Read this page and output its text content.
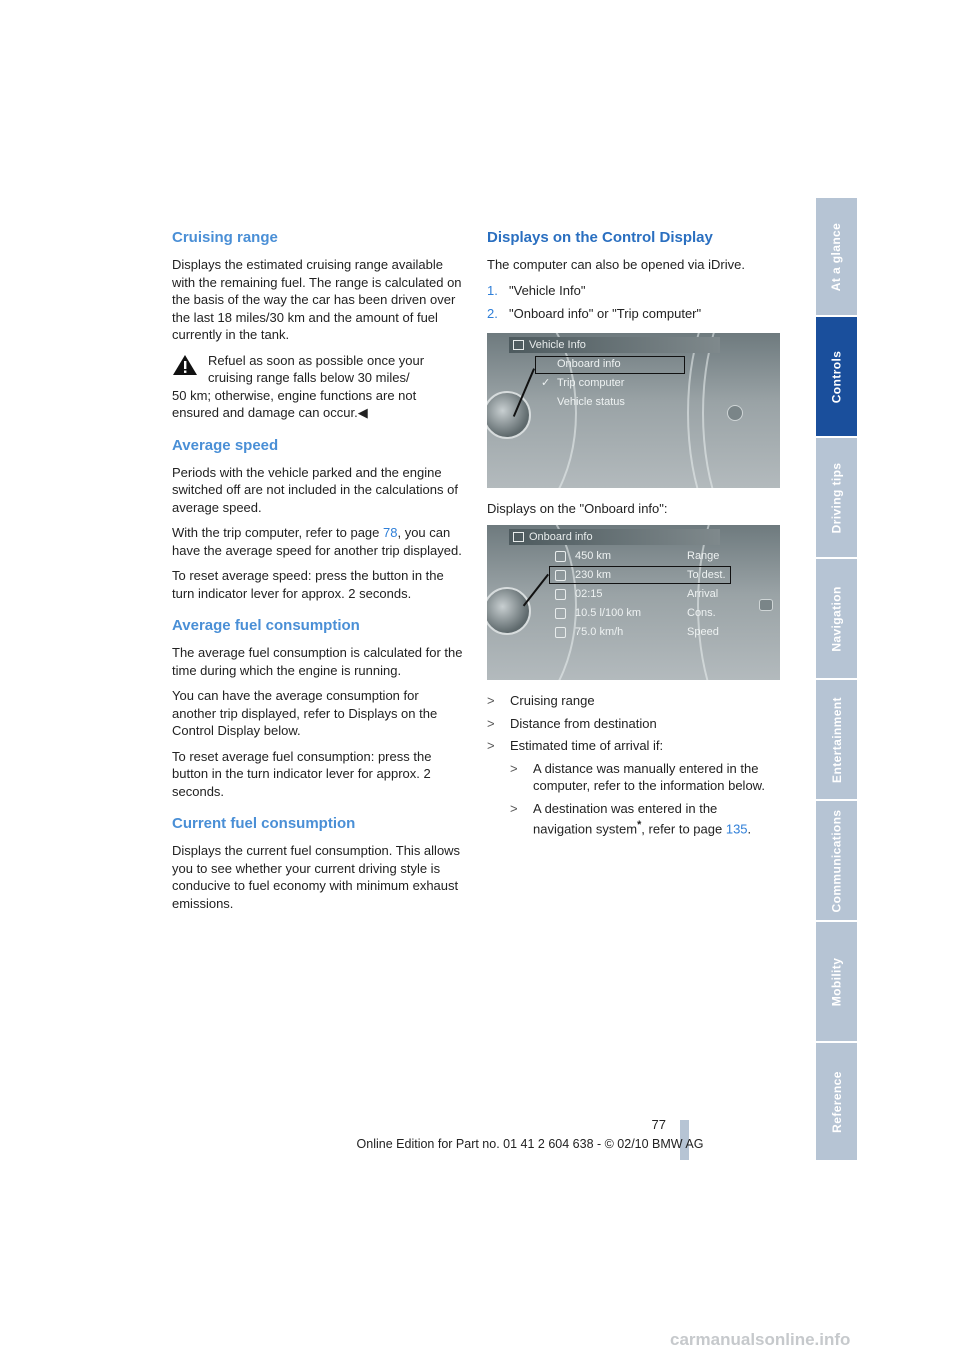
Cruising range

Displays the estimated cruising range available with the remaining fuel. The range is calculated on the basis of the way the car has been driven over the last 18 miles/30 km and the amount of fuel currently in the tank.

Refuel as soon as possible once your cruising range falls below 30 miles/
50 km; otherwise, engine functions are not ensured and damage can occur.◀
Average speed

Periods with the vehicle parked and the engine switched off are not included in the calculations of average speed.

With the trip computer, refer to page 78, you can have the average speed for another trip displayed.

To reset average speed: press the button in the turn indicator lever for approx. 2 seconds.

Average fuel consumption

The average fuel consumption is calculated for the time during which the engine is running.

You can have the average consumption for another trip displayed, refer to Displays on the Control Display below.

To reset average fuel consumption: press the button in the turn indicator lever for approx. 2 seconds.

Current fuel consumption

Displays the current fuel consumption. This allows you to see whether your current driving style is conducive to fuel economy with minimum exhaust emissions.

Displays on the Control Display

The computer can also be opened via iDrive.

1. "Vehicle Info"
2. "Onboard info" or "Trip computer"
Vehicle Info
Onboard info
✓ Trip computer
Vehicle status

Displays on the "Onboard info":

Onboard info
450 km	Range
230 km	To dest.
02:15	Arrival
10.5 l/100 km	Cons.
75.0 km/h	Speed
> Cruising range
> Distance from destination
> Estimated time of arrival if:
> A distance was manually entered in the computer, refer to the information below.
> A destination was entered in the navigation system*, refer to page 135.
At a glance
Controls
Driving tips
Navigation
Entertainment
Communications
Mobility
Reference
77
Online Edition for Part no. 01 41 2 604 638 - © 02/10 BMW AG
carmanualsonline.info
